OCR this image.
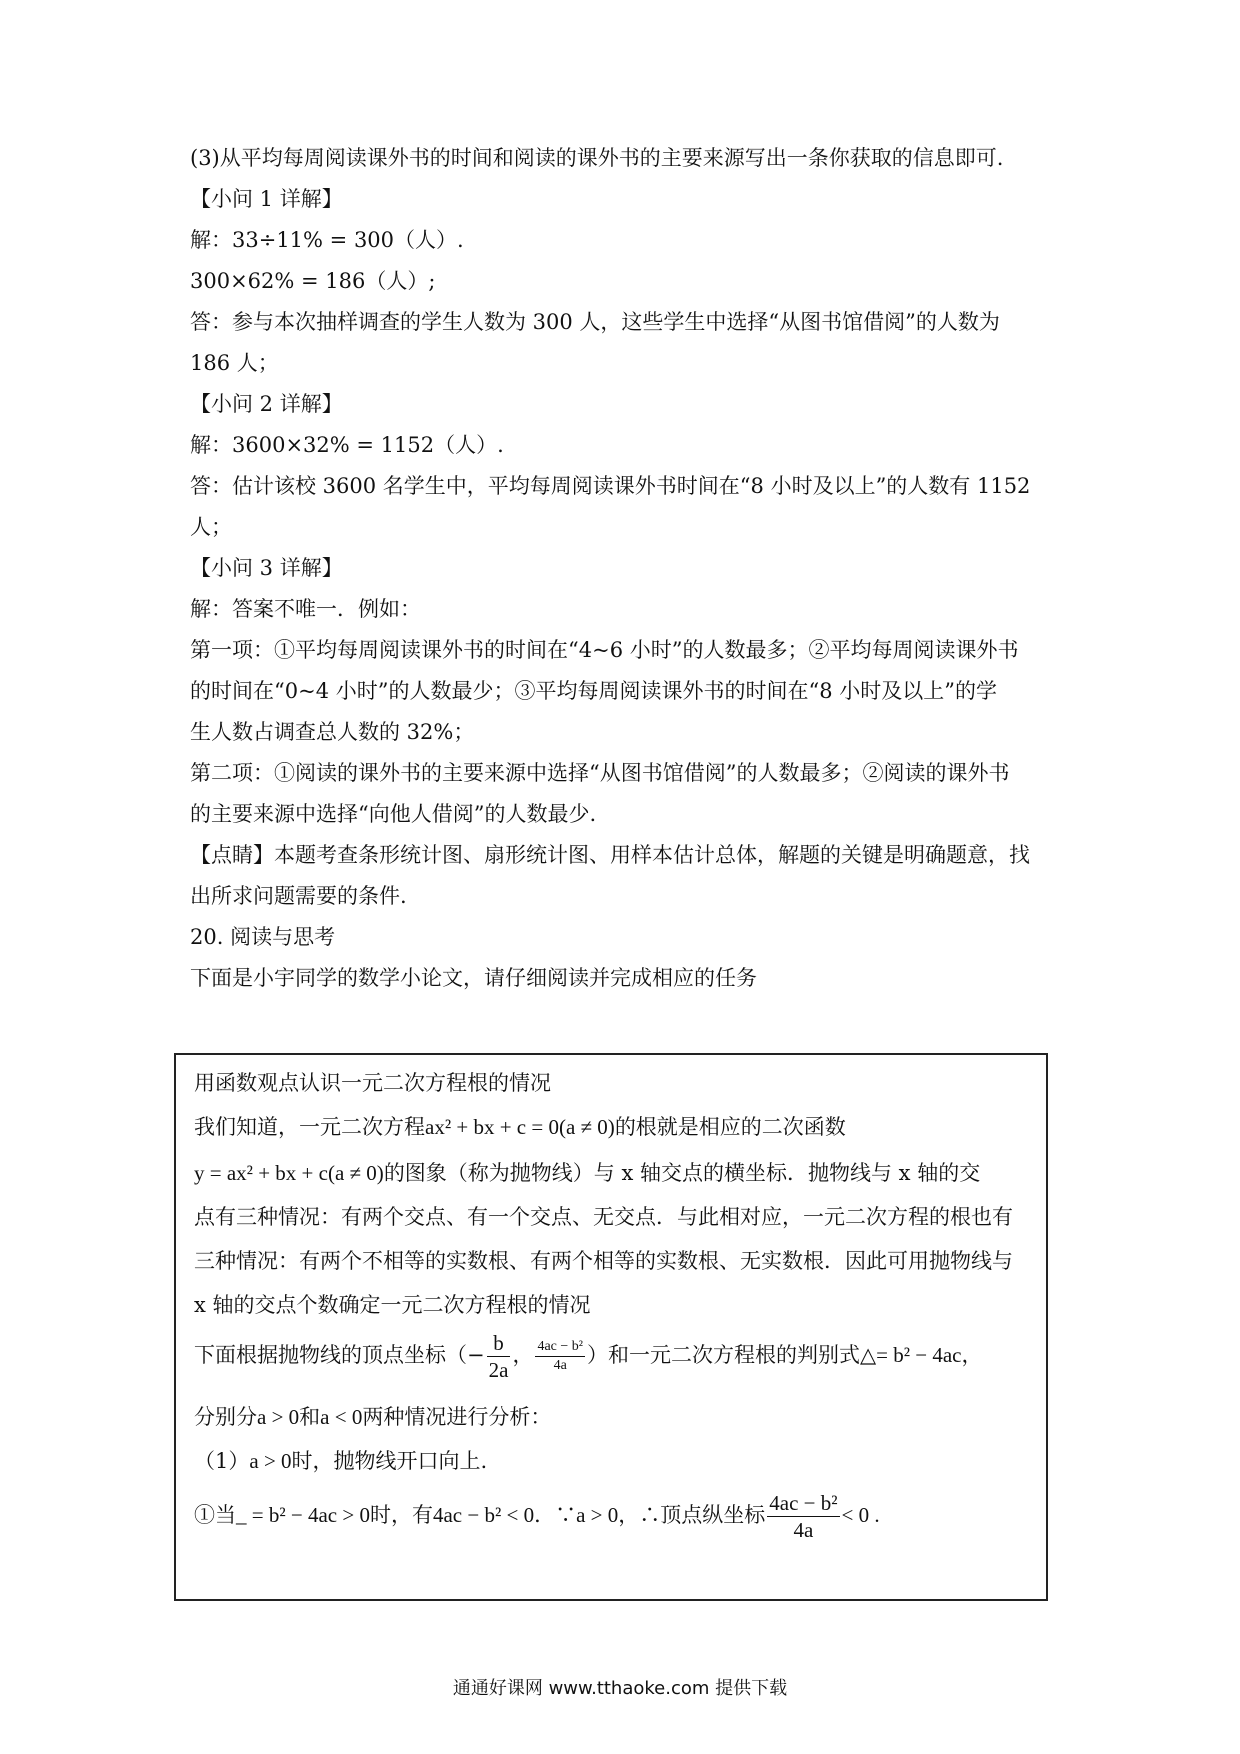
(3)从平均每周阅读课外书的时间和阅读的课外书的主要来源写出一条你获取的信息即可.
【小问 1 详解】
解：33÷11% = 300（人）.
300×62% = 186（人）;
答：参与本次抽样调查的学生人数为 300 人，这些学生中选择“从图书馆借阅”的人数为
186 人；
【小问 2 详解】
解：3600×32% = 1152（人）.
答：估计该校 3600 名学生中，平均每周阅读课外书时间在“8 小时及以上”的人数有 1152
人；
【小问 3 详解】
解：答案不唯一．例如：
第一项：①平均每周阅读课外书的时间在“4~6 小时”的人数最多；②平均每周阅读课外书
的时间在“0~4 小时”的人数最少；③平均每周阅读课外书的时间在“8 小时及以上”的学
生人数占调查总人数的 32%；
第二项：①阅读的课外书的主要来源中选择“从图书馆借阅”的人数最多；②阅读的课外书
的主要来源中选择“向他人借阅”的人数最少.
【点睛】本题考查条形统计图、扇形统计图、用样本估计总体，解题的关键是明确题意，找
出所求问题需要的条件.
20. 阅读与思考
下面是小宇同学的数学小论文，请仔细阅读并完成相应的任务
用函数观点认识一元二次方程根的情况
我们知道，一元二次方程ax² + bx + c = 0(a ≠ 0)的根就是相应的二次函数
y = ax² + bx + c(a ≠ 0)的图象（称为抛物线）与 x 轴交点的横坐标．抛物线与 x 轴的交
点有三种情况：有两个交点、有一个交点、无交点．与此相对应，一元二次方程的根也有
三种情况：有两个不相等的实数根、有两个相等的实数根、无实数根．因此可用抛物线与
x 轴的交点个数确定一元二次方程根的情况
下面根据抛物线的顶点坐标（− $\frac{b}{2a}$ ， $\frac{\text{4ac − b²}}{4a}$ ）和一元二次方程根的判别式△= b² − 4ac，
分别分a > 0和a < 0两种情况进行分析：
（1）a > 0时，抛物线开口向上.
①当_ = b² − 4ac > 0时，有4ac − b² < 0．∵a > 0，∴顶点纵坐标 $\frac{\text{4ac − b²}}{4a} < 0$ .
通通好课网 www.tthaoke.com 提供下载
